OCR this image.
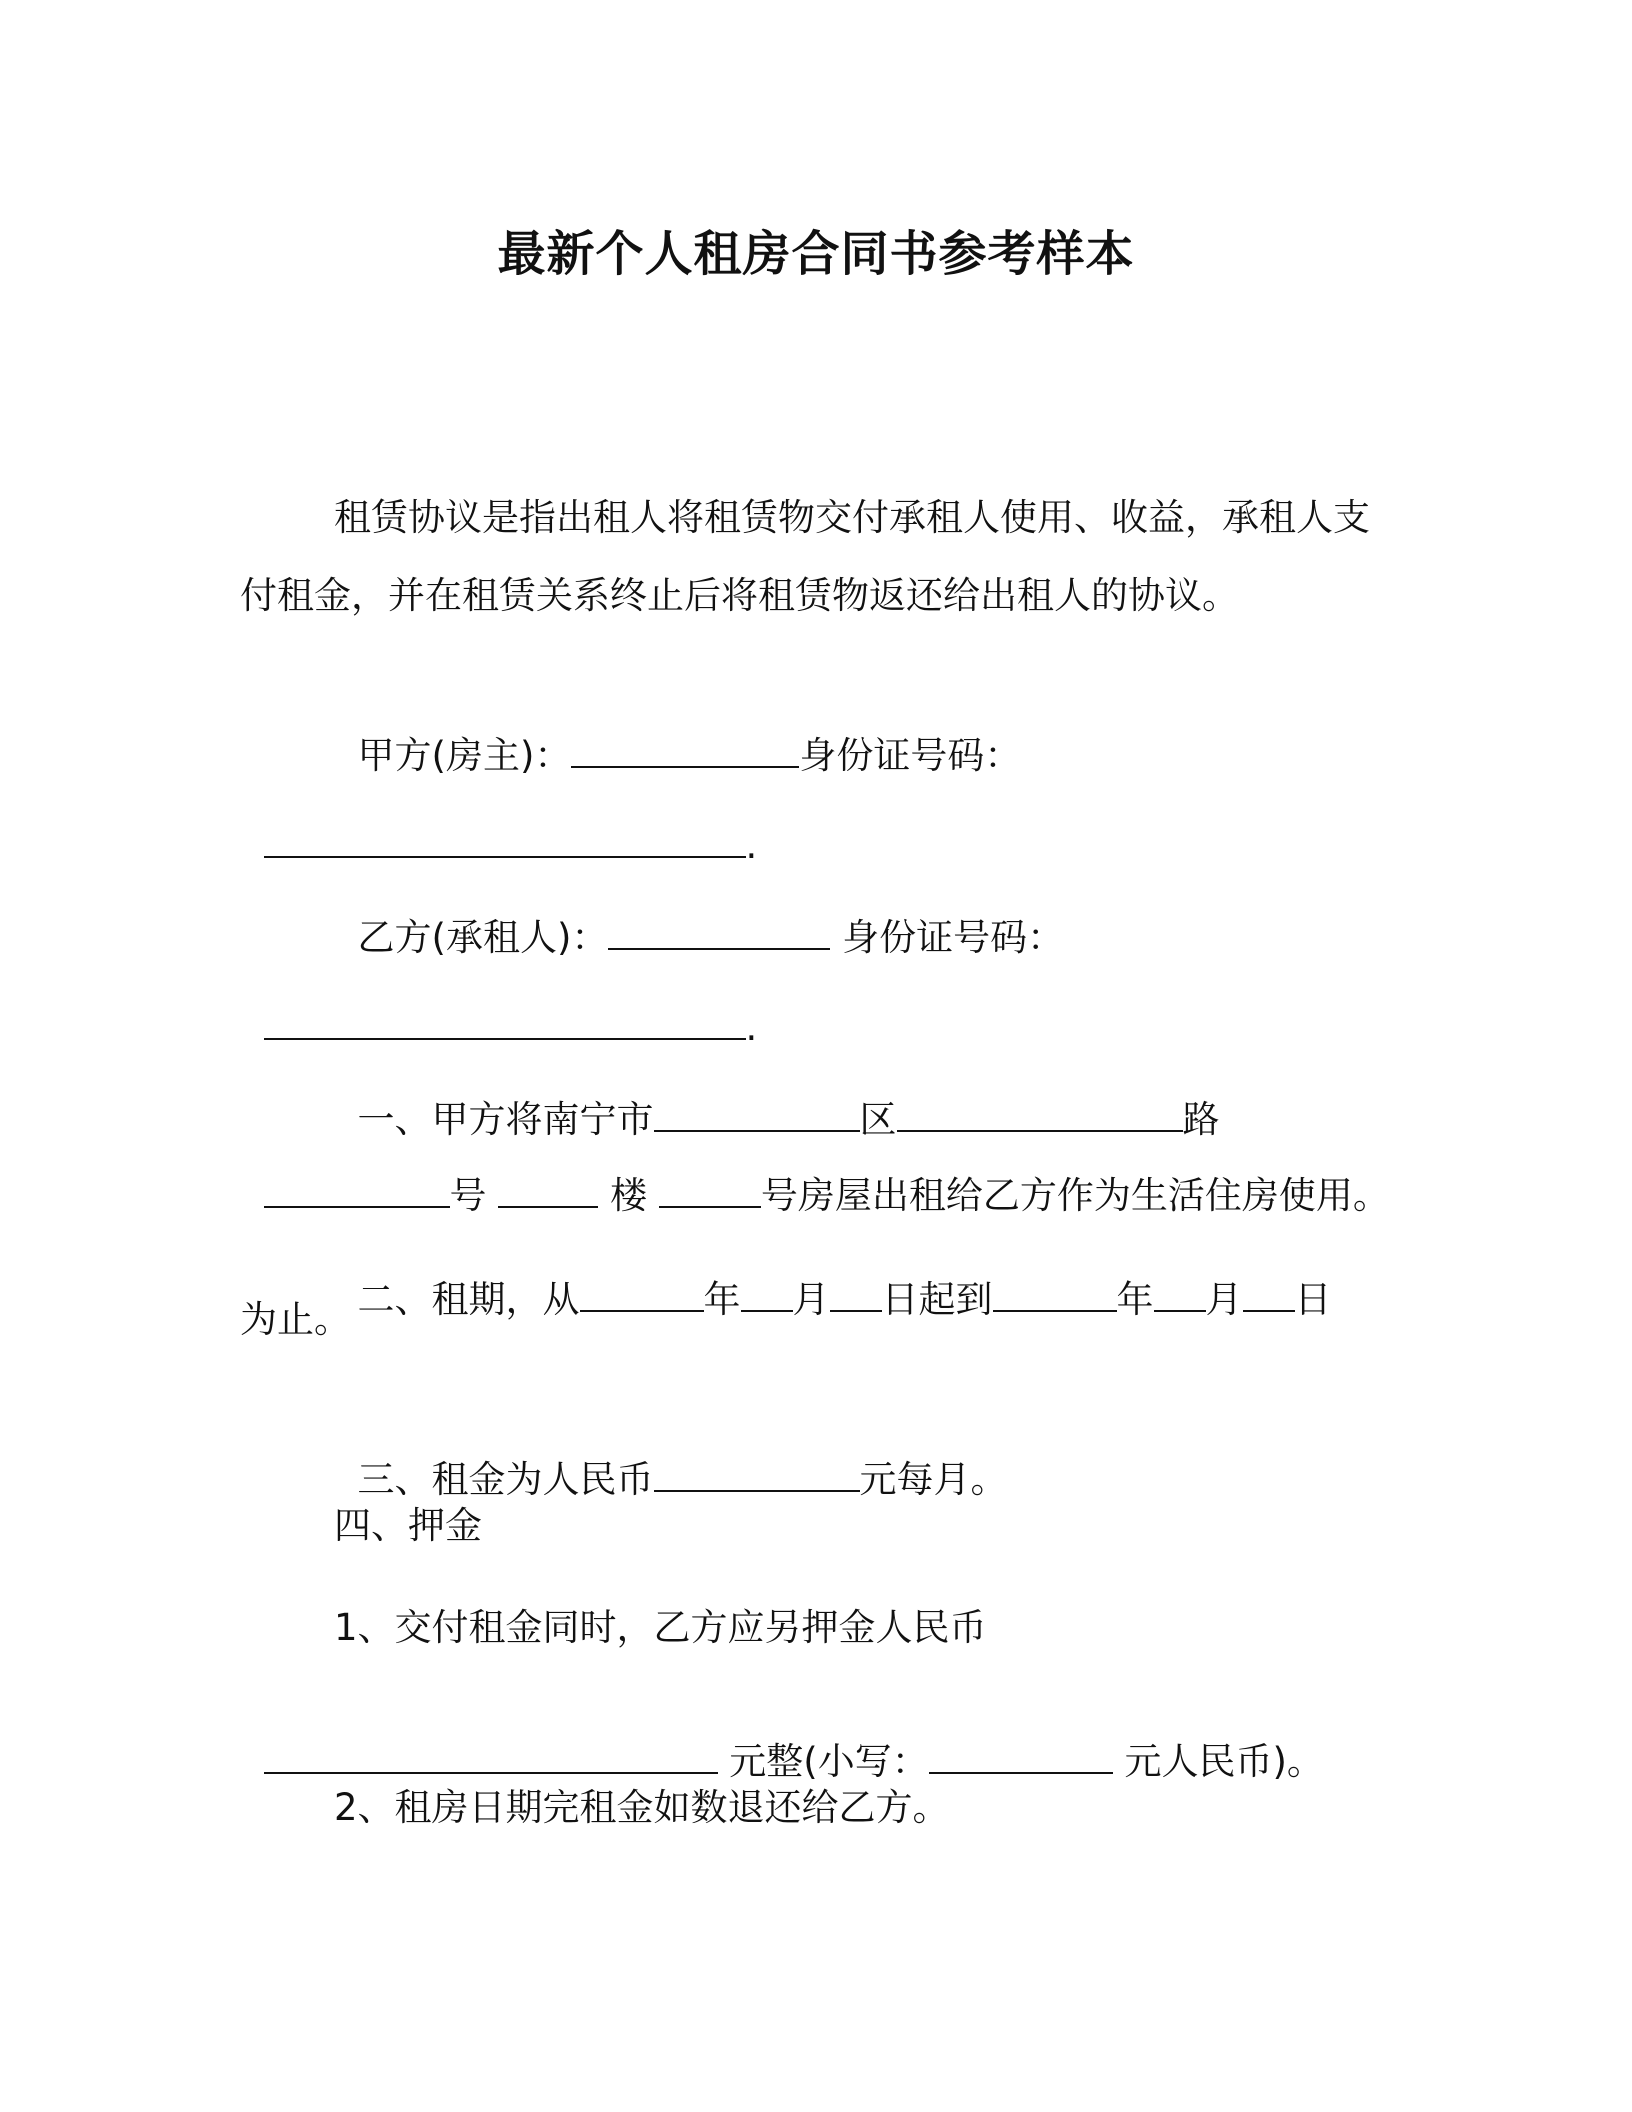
最新个人租房合同书参考样本
租赁协议是指出租人将租赁物交付承租人使用、收益，承租人支
付租金，并在租赁关系终止后将租赁物返还给出租人的协议。

甲方(房主)：	身份证号码：

.

乙方(承租人)：	身份证号码：

.

一、甲方将南宁市	区	路

号	楼	号房屋出租给乙方作为生活住房使用。

二、租期，从	年 月 日起到	年 月 日

为止。

三、租金为人民币	元每月。

四、押金
1、交付租金同时，乙方应另押金人民币

元整(小写：	元人民币)。

2、租房日期完租金如数退还给乙方。
